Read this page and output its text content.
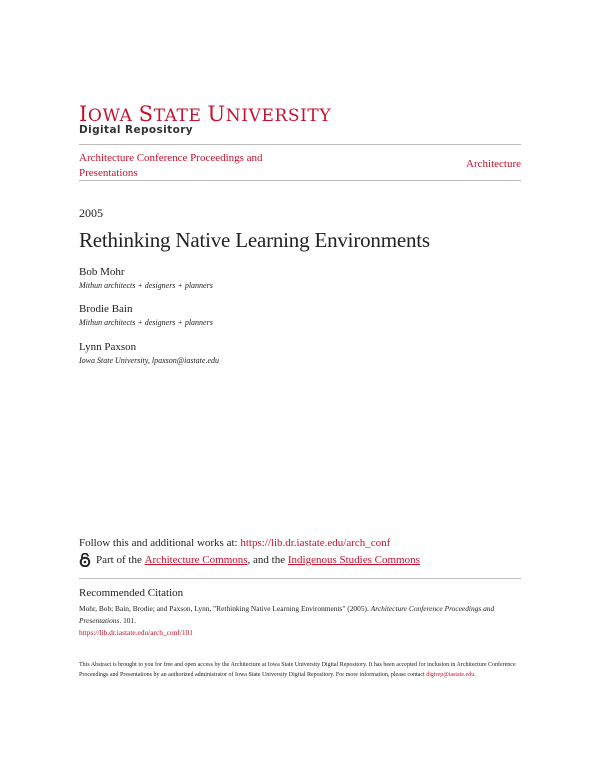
IOWA STATE UNIVERSITY
Digital Repository
Architecture Conference Proceedings and Presentations
Architecture
2005
Rethinking Native Learning Environments
Bob Mohr
Mithun architects + designers + planners
Brodie Bain
Mithun architects + designers + planners
Lynn Paxson
Iowa State University, lpaxson@iastate.edu
Follow this and additional works at: https://lib.dr.iastate.edu/arch_conf
Part of the
Architecture Commons , and the
Indigenous Studies Commons
Recommended Citation
Mohr, Bob; Bain, Brodie; and Paxson, Lynn, "Rethinking Native Learning Environments" (2005). Architecture Conference Proceedings and Presentations. 101.
https://lib.dr.iastate.edu/arch_conf/101
This Abstract is brought to you for free and open access by the Architecture at Iowa State University Digital Repository. It has been accepted for inclusion in Architecture Conference Proceedings and Presentations by an authorized administrator of Iowa State University Digital Repository. For more information, please contact digirep@iastate.edu.
